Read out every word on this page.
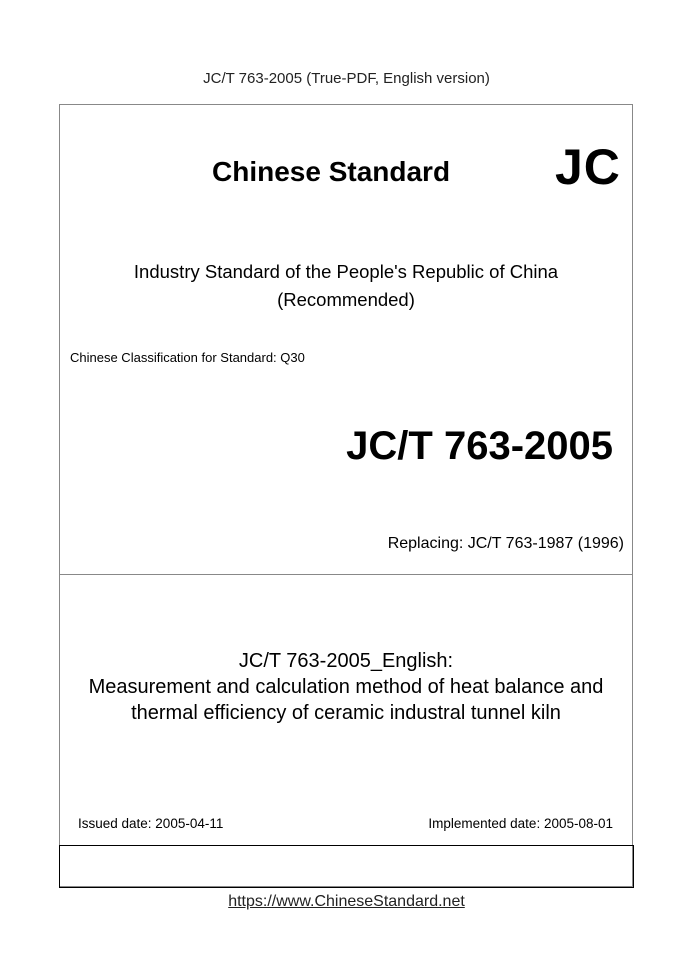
JC/T 763-2005 (True-PDF, English version)
Chinese Standard JC
Industry Standard of the People's Republic of China
(Recommended)
Chinese Classification for Standard: Q30
JC/T 763-2005
Replacing: JC/T 763-1987 (1996)
JC/T 763-2005_English:
Measurement and calculation method of heat balance and
thermal efficiency of ceramic industral tunnel kiln
Issued date: 2005-04-11	Implemented date: 2005-08-01
https://www.ChineseStandard.net
